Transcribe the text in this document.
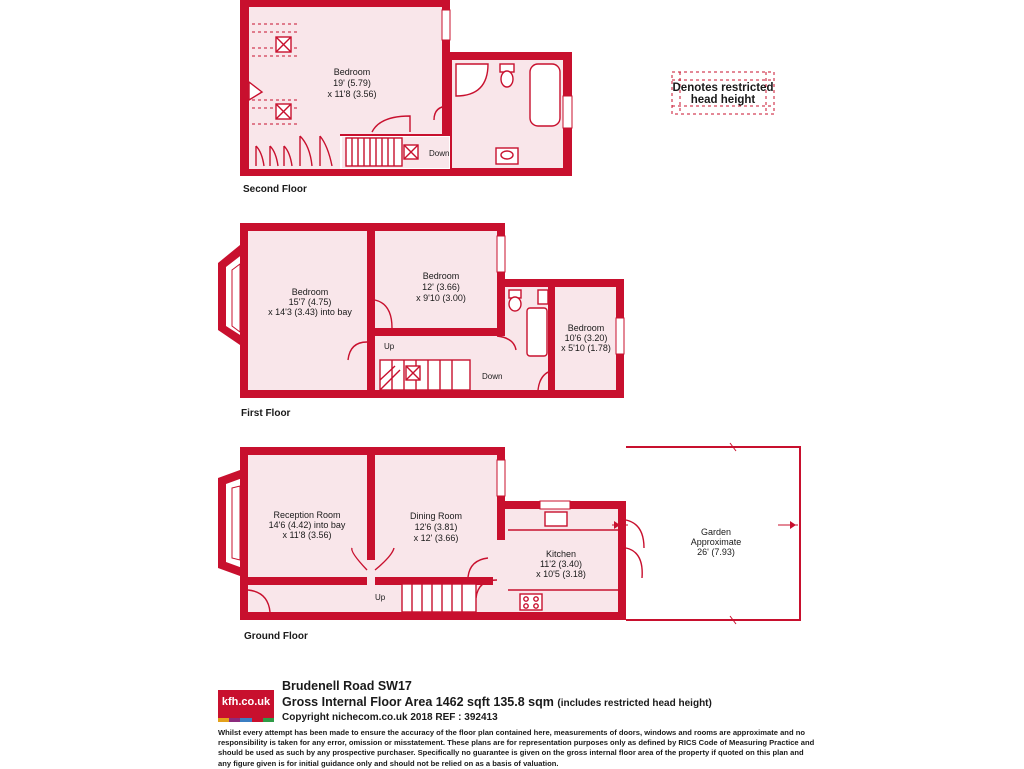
Denotes restricted
head height
Bedroom
19' (5.79)
x 11'8 (3.56)
Down
Bedroom
15'7 (4.75)
x 14'3 (3.43) into bay
Bedroom
12' (3.66)
x 9'10 (3.00)
Bedroom
10'6 (3.20)
x 5'10 (1.78)
Up
Down
Reception Room
14'6 (4.42) into bay
x 11'8 (3.56)
Dining Room
12'6 (3.81)
x 12' (3.66)
Kitchen
11'2 (3.40)
x 10'5 (3.18)
Garden
Approximate
26' (7.93)
Up
Second Floor
First Floor
Ground Floor
kfh.co.uk
Brudenell Road SW17
Gross Internal Floor Area 1462 sqft 135.8 sqm (includes restricted head height)
Copyright nichecom.co.uk 2018 REF : 392413
Whilst every attempt has been made to ensure the accuracy of the floor plan contained here, measurements of doors, windows and rooms are approximate and no responsibility is taken for any error, omission or misstatement. These plans are for representation purposes only as defined by RICS Code of Measuring Practice and should be used as such by any prospective purchaser. Specifically no guarantee is given on the gross internal floor area of the property if quoted on this plan and any figure given is for initial guidance only and should not be relied on as a basis of valuation.
